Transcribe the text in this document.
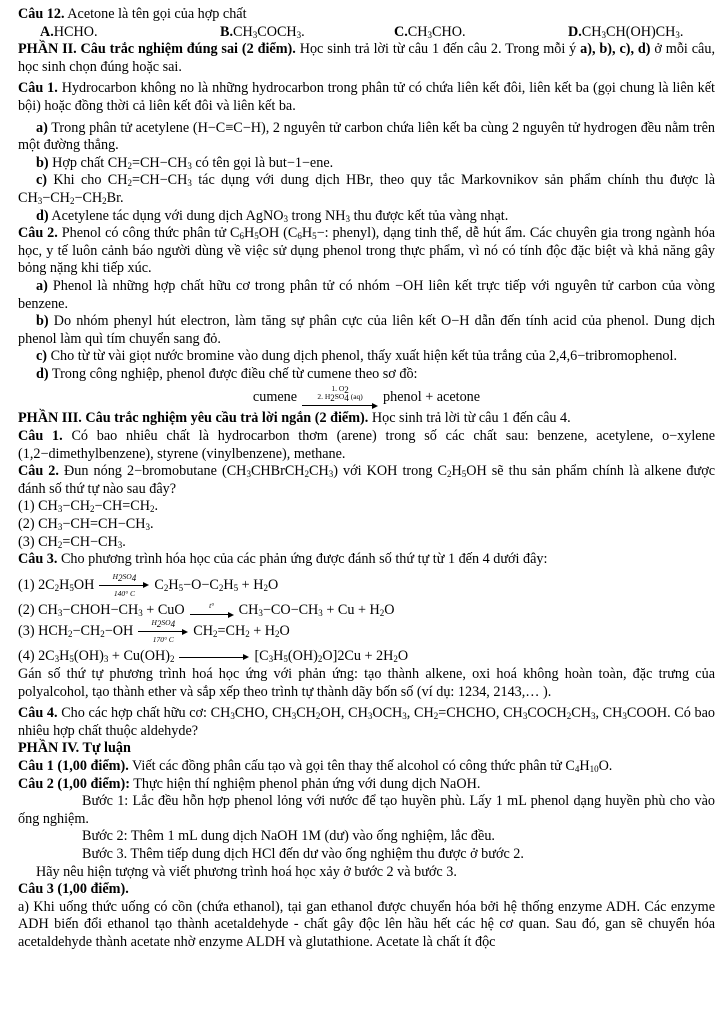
Câu 12. Acetone là tên gọi của hợp chất

A.HCHO.	$B.CH_3COCH_3$.	$C.CH_3CHO$.	$D.CH_3CH(OH)CH_3$.

PHẦN II. Câu trắc nghiệm đúng sai (2 điểm). Học sinh trả lời từ câu 1 đến câu 2. Trong mỗi ý a), b), c), d) ở mỗi câu, học sinh chọn đúng hoặc sai.

Câu 1. Hydrocarbon không no là những hydrocarbon trong phân tử có chứa liên kết đôi, liên kết ba (gọi chung là liên kết bội) hoặc đồng thời cả liên kết đôi và liên kết ba.

a) Trong phân tử acetylene (H−C≡C−H), 2 nguyên tử carbon chứa liên kết ba cùng 2 nguyên tử hydrogen đều nằm trên một đường thẳng.

b) Hợp chất $CH_2=CH-CH_3$ có tên gọi là but−1−ene.

c) Khi cho $CH_2=CH-CH_3$ tác dụng với dung dịch HBr, theo quy tắc Markovnikov sản phẩm chính thu được là $CH_3-CH_2-CH_2Br$.

d) Acetylene tác dụng với dung dịch AgNO$_3$ trong $NH_3$ thu được kết tủa vàng nhạt.

Câu 2. Phenol có công thức phân tử $C_6H_5OH$ ($C_6H_5-$: phenyl), dạng tinh thể, dễ hút ẩm. Các chuyên gia trong ngành hóa học, y tế luôn cảnh báo người dùng về việc sử dụng phenol trong thực phẩm, vì nó có tính độc đặc biệt và khả năng gây bỏng nặng khi tiếp xúc.

a) Phenol là những hợp chất hữu cơ trong phân tử có nhóm −OH liên kết trực tiếp với nguyên tử carbon của vòng benzene.

b) Do nhóm phenyl hút electron, làm tăng sự phân cực của liên kết O−H dẫn đến tính acid của phenol. Dung dịch phenol làm quì tím chuyển sang đỏ.

c) Cho từ từ vài giọt nước bromine vào dung dịch phenol, thấy xuất hiện kết tủa trắng của 2,4,6−tribromophenol.

d) Trong công nghiệp, phenol được điều chế từ cumene theo sơ đồ:

cumene
1. $O_2$
2. $H_2SO_4$ (aq) phenol + acetone

PHẦN III. Câu trắc nghiệm yêu cầu trả lời ngắn (2 điểm). Học sinh trả lời từ câu 1 đến câu 4.

Câu 1. Có bao nhiêu chất là hydrocarbon thơm (arene) trong số các chất sau: benzene, acetylene, o−xylene (1,2−dimethylbenzene), styrene (vinylbenzene), methane.

Câu 2. Đun nóng 2−bromobutane $(CH_3CHBrCH_2CH_3)$ với KOH trong $C_2H_5OH$ sẽ thu sản phẩm chính là alkene được đánh số thứ tự nào sau đây?

(1) $CH_3-CH_2-CH=CH_2$.

(2) $CH_3-CH=CH-CH_3$.

(3) $CH_2=CH-CH_3$.

Câu 3. Cho phương trình hóa học của các phản ứng được đánh số thứ tự từ 1 đến 4 dưới đây:

(1) $2C_2H_5OH$
$H_2SO_4$
140° C
$C_2H_5-O-C_2H_5 + H_2O$

(2) $CH_3-CHOH-CH_3$ + CuO	t° $CH_3-CO-CH_3 + Cu + H_2O$

(3) $HCH_2-CH_2-OH$
$H_2SO_4$
170° C
$CH_2=CH_2 + H_2O$

(4) $2C_3H_5(OH)_3 + Cu(OH)_2$	$[C_3H_5(OH)_2O]2Cu + 2H_2O$

Gán số thứ tự phương trình hoá học ứng với phản ứng: tạo thành alkene, oxi hoá không hoàn toàn, đặc trưng của polyalcohol, tạo thành ether và sắp xếp theo trình tự thành dãy bốn số (ví dụ: 1234, 2143,… ).

Câu 4. Cho các hợp chất hữu cơ: $CH_3CHO$, $CH_3CH_2OH$, $CH_3OCH_3$, $CH_2=CHCHO$, $CH_3COCH_2CH_3$, $CH_3COOH$. Có bao nhiêu hợp chất thuộc aldehyde?

PHẦN IV. Tự luận

Câu 1 (1,00 điểm). Viết các đồng phân cấu tạo và gọi tên thay thế alcohol có công thức phân tử $C_4H_{10}O$.

Câu 2 (1,00 điểm): Thực hiện thí nghiệm phenol phản ứng với dung dịch NaOH.

Bước 1: Lắc đều hỗn hợp phenol lỏng với nước để tạo huyền phù. Lấy 1 mL phenol dạng huyền phù cho vào ống nghiệm.

Bước 2: Thêm 1 mL dung dịch NaOH 1M (dư) vào ống nghiệm, lắc đều.

Bước 3. Thêm tiếp dung dịch HCl đến dư vào ống nghiệm thu được ở bước 2.

Hãy nêu hiện tượng và viết phương trình hoá học xảy ở bước 2 và bước 3.

Câu 3 (1,00 điểm).

a) Khi uống thức uống có cồn (chứa ethanol), tại gan ethanol được chuyển hóa bởi hệ thống enzyme ADH. Các enzyme ADH biến đổi ethanol tạo thành acetaldehyde - chất gây độc lên hầu hết các hệ cơ quan. Sau đó, gan sẽ chuyển hóa acetaldehyde thành acetate nhờ enzyme ALDH và glutathione. Acetate là chất ít độc
